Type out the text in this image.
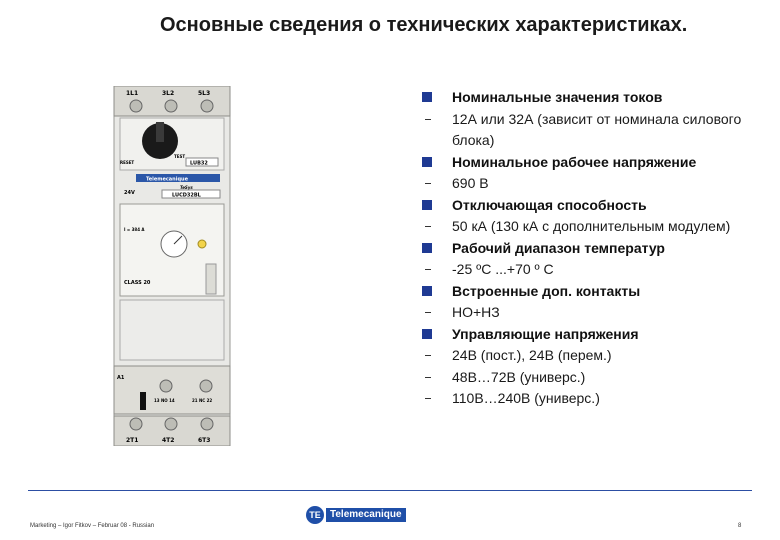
Основные сведения о технических характеристиках.
1L1	3L2	5L3
RESET
TEST
LUB32
Telemecanique
TeSys
LUCD32BL
24V
I = 384 A
CLASS 20
A1
13 NO 14	21 NC 22
2T1	4T2	6T3
Номинальные значения токов
12А или 32А (зависит от номинала силового блока)
Номинальное рабочее напряжение
690 В
Отключающая способность
50 кА (130 кА с дополнительным модулем)
Рабочий диапазон температур
-25 ºС ...+70 º С
Встроенные доп. контакты
НО+НЗ
Управляющие напряжения
24В (пост.), 24В (перем.)
48В…72В (универс.)
110В…240В (универс.)
Marketing – Igor Fitkov – Februar 08 - Russian
TE Telemecanique
8
